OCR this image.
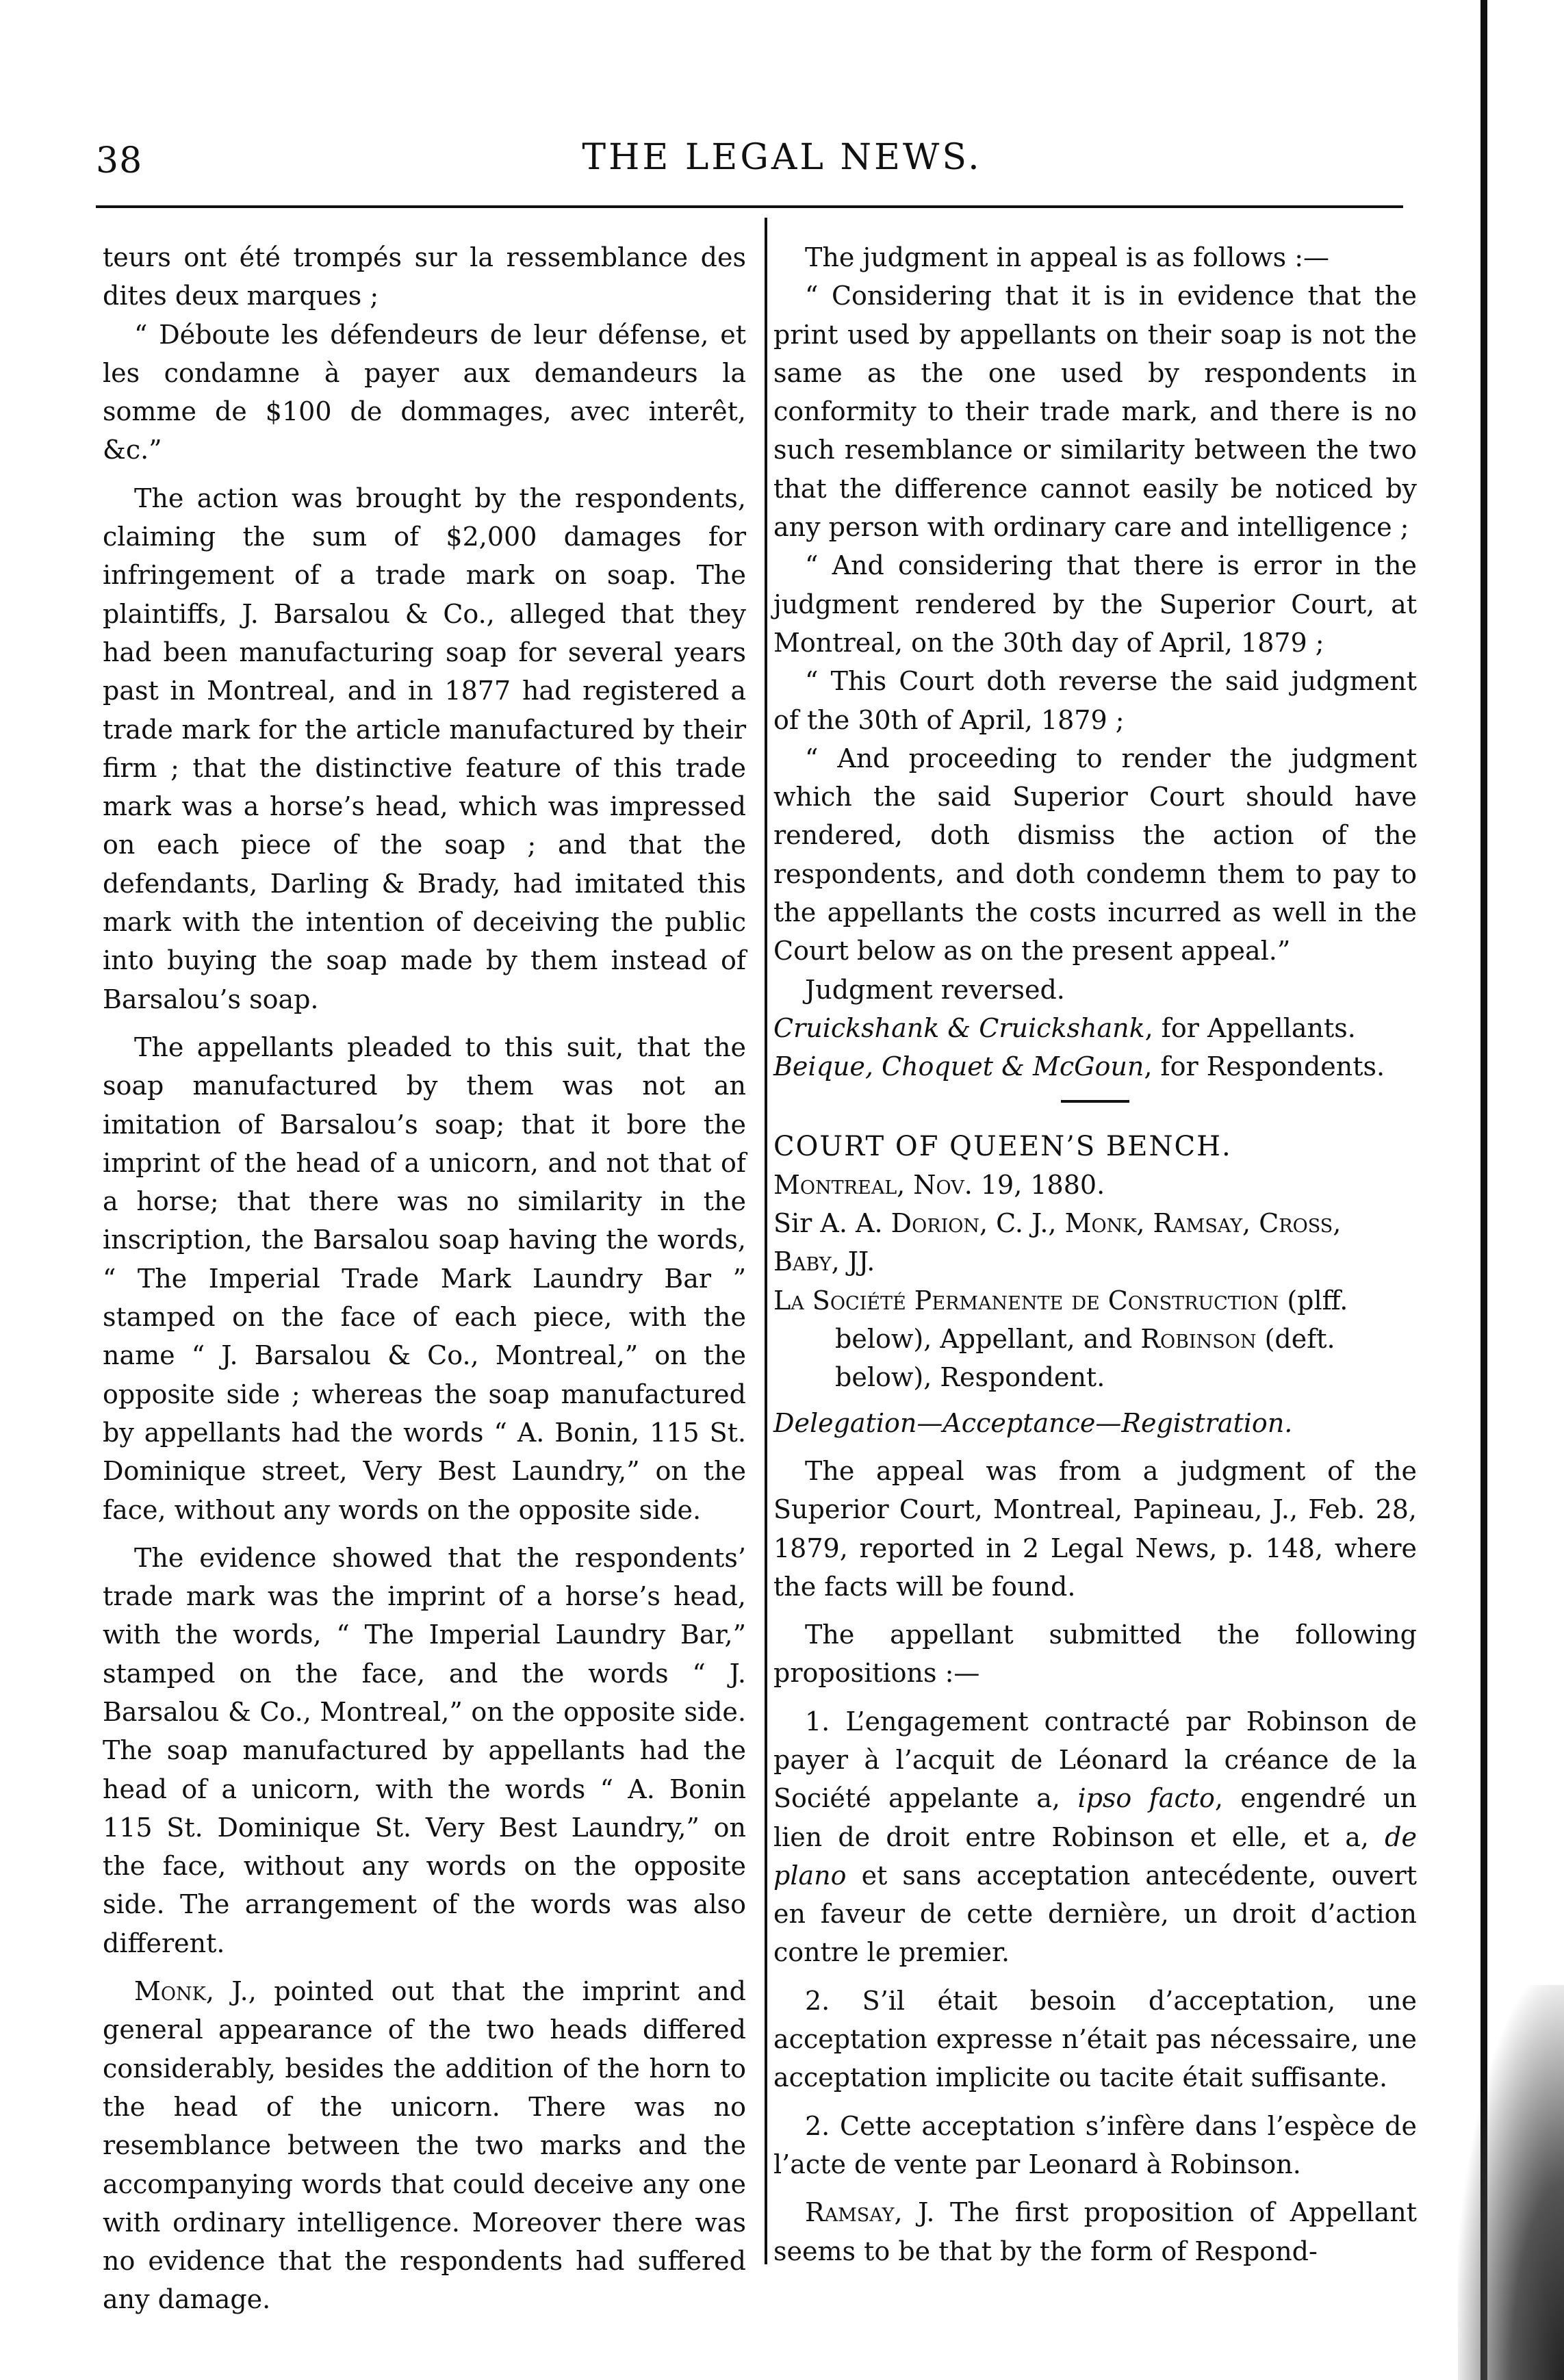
38	THE LEGAL NEWS.

teurs ont été trompés sur la ressemblance des dites deux marques ;

“ Déboute les défendeurs de leur défense, et les condamne à payer aux demandeurs la somme de $100 de dommages, avec interêt, &c.”

The action was brought by the respondents, claiming the sum of $2,000 damages for infringement of a trade mark on soap. The plaintiffs, J. Barsalou & Co., alleged that they had been manufacturing soap for several years past in Montreal, and in 1877 had registered a trade mark for the article manufactured by their firm ; that the distinctive feature of this trade mark was a horse’s head, which was impressed on each piece of the soap ; and that the defendants, Darling & Brady, had imitated this mark with the intention of deceiving the public into buying the soap made by them instead of Barsalou’s soap.

The appellants pleaded to this suit, that the soap manufactured by them was not an imitation of Barsalou’s soap; that it bore the imprint of the head of a unicorn, and not that of a horse; that there was no similarity in the inscription, the Barsalou soap having the words, “ The Imperial Trade Mark Laundry Bar ” stamped on the face of each piece, with the name “ J. Barsalou & Co., Montreal,” on the opposite side ; whereas the soap manufactured by appellants had the words “ A. Bonin, 115 St. Dominique street, Very Best Laundry,” on the face, without any words on the opposite side.

The evidence showed that the respondents’ trade mark was the imprint of a horse’s head, with the words, “ The Imperial Laundry Bar,” stamped on the face, and the words “ J. Barsalou & Co., Montreal,” on the opposite side. The soap manufactured by appellants had the head of a unicorn, with the words “ A. Bonin 115 St. Dominique St. Very Best Laundry,” on the face, without any words on the opposite side. The arrangement of the words was also different.

Monk, J., pointed out that the imprint and general appearance of the two heads differed considerably, besides the addition of the horn to the head of the unicorn. There was no resemblance between the two marks and the accompanying words that could deceive any one with ordinary intelligence. Moreover there was no evidence that the respondents had suffered any damage.

The judgment in appeal is as follows :—

“ Considering that it is in evidence that the print used by appellants on their soap is not the same as the one used by respondents in conformity to their trade mark, and there is no such resemblance or similarity between the two that the difference cannot easily be noticed by any person with ordinary care and intelligence ;

“ And considering that there is error in the judgment rendered by the Superior Court, at Montreal, on the 30th day of April, 1879 ;

“ This Court doth reverse the said judgment of the 30th of April, 1879 ;

“ And proceeding to render the judgment which the said Superior Court should have rendered, doth dismiss the action of the respondents, and doth condemn them to pay to the appellants the costs incurred as well in the Court below as on the present appeal.”

Judgment reversed.

Cruickshank & Cruickshank, for Appellants.

Beique, Choquet & McGoun, for Respondents.

COURT OF QUEEN’S BENCH.

Montreal, Nov. 19, 1880.

Sir A. A. Dorion, C. J., Monk, Ramsay, Cross,
Baby, JJ.

La Société Permanente de Construction (plff. below), Appellant, and Robinson (deft. below), Respondent.

Delegation—Acceptance—Registration.

The appeal was from a judgment of the Superior Court, Montreal, Papineau, J., Feb. 28, 1879, reported in 2 Legal News, p. 148, where the facts will be found.

The appellant submitted the following propositions :—

1. L’engagement contracté par Robinson de payer à l’acquit de Léonard la créance de la Société appelante a, ipso facto, engendré un lien de droit entre Robinson et elle, et a, de plano et sans acceptation antecédente, ouvert en faveur de cette dernière, un droit d’action contre le premier.

2. S’il était besoin d’acceptation, une acceptation expresse n’était pas nécessaire, une acceptation implicite ou tacite était suffisante.

2. Cette acceptation s’infère dans l’espèce de l’acte de vente par Leonard à Robinson.

Ramsay, J. The first proposition of Appellant seems to be that by the form of Respond-
